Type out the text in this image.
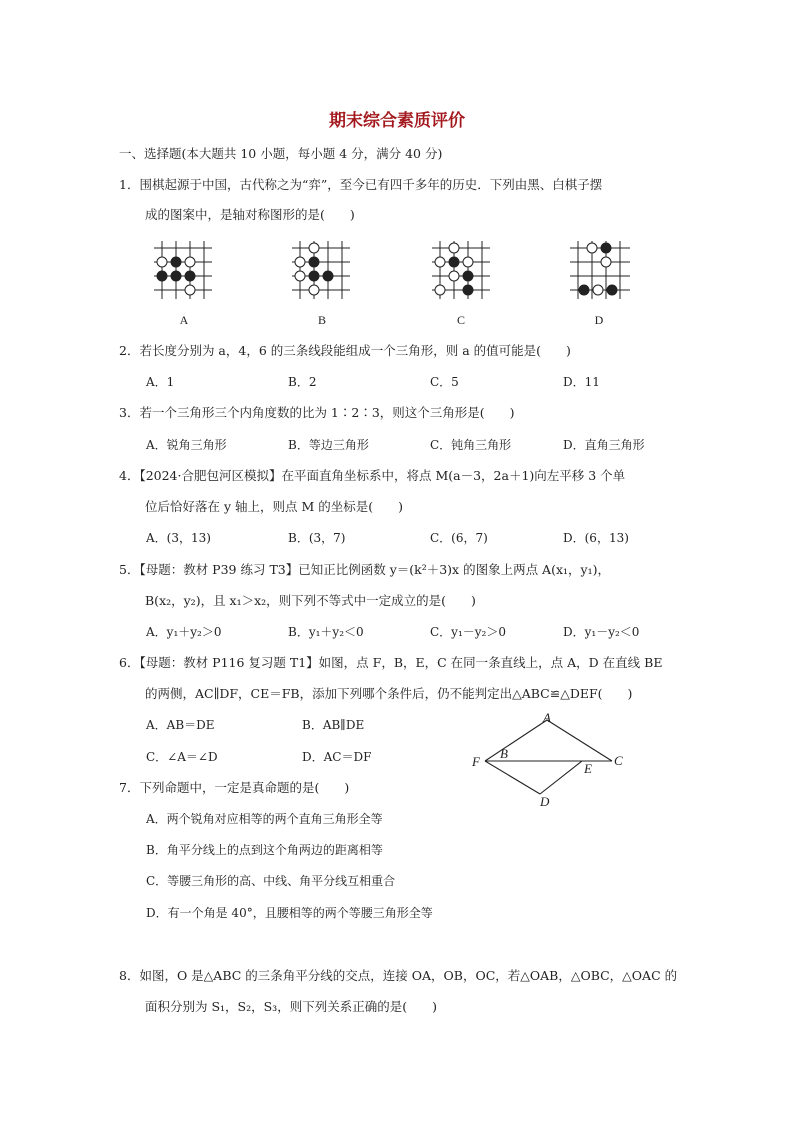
期末综合素质评价
一、选择题(本大题共 10 小题，每小题 4 分，满分 40 分)
1．围棋起源于中国，古代称之为“弈”，至今已有四千多年的历史．下列由黑、白棋子摆
成的图案中，是轴对称图形的是(　　)
A	B	C	D
2．若长度分别为 a，4，6 的三条线段能组成一个三角形，则 a 的值可能是(　　)
A．1	B．2	C．5	D．11
3．若一个三角形三个内角度数的比为 1∶2∶3，则这个三角形是(　　)
A．锐角三角形	B．等边三角形	C．钝角三角形	D．直角三角形
4．【2024·合肥包河区模拟】在平面直角坐标系中，将点 M(a－3，2a＋1)向左平移 3 个单
位后恰好落在 y 轴上，则点 M 的坐标是(　　)
A．(3，13)	B．(3，7)	C．(6，7)	D．(6，13)
5．【母题：教材 P39 练习 T3】已知正比例函数 y＝(k²＋3)x 的图象上两点 A(x₁，y₁)，
B(x₂，y₂)，且 x₁＞x₂，则下列不等式中一定成立的是(　　)
A．y₁＋y₂＞0	B．y₁＋y₂＜0	C．y₁－y₂＞0	D．y₁－y₂＜0
6．【母题：教材 P116 复习题 T1】如图，点 F，B，E，C 在同一条直线上，点 A，D 在直线 BE
的两侧，AC∥DF，CE＝FB，添加下列哪个条件后，仍不能判定出△ABC≌△DEF(　　)
A．AB＝DE	B．AB∥DE
C．∠A＝∠D	D．AC＝DF
A
B	C
D
E
F
7．下列命题中，一定是真命题的是(　　)
A．两个锐角对应相等的两个直角三角形全等
B．角平分线上的点到这个角两边的距离相等
C．等腰三角形的高、中线、角平分线互相重合
D．有一个角是 40°，且腰相等的两个等腰三角形全等
8．如图，O 是△ABC 的三条角平分线的交点，连接 OA，OB，OC，若△OAB，△OBC，△OAC 的
面积分别为 S₁，S₂，S₃，则下列关系正确的是(　　)
